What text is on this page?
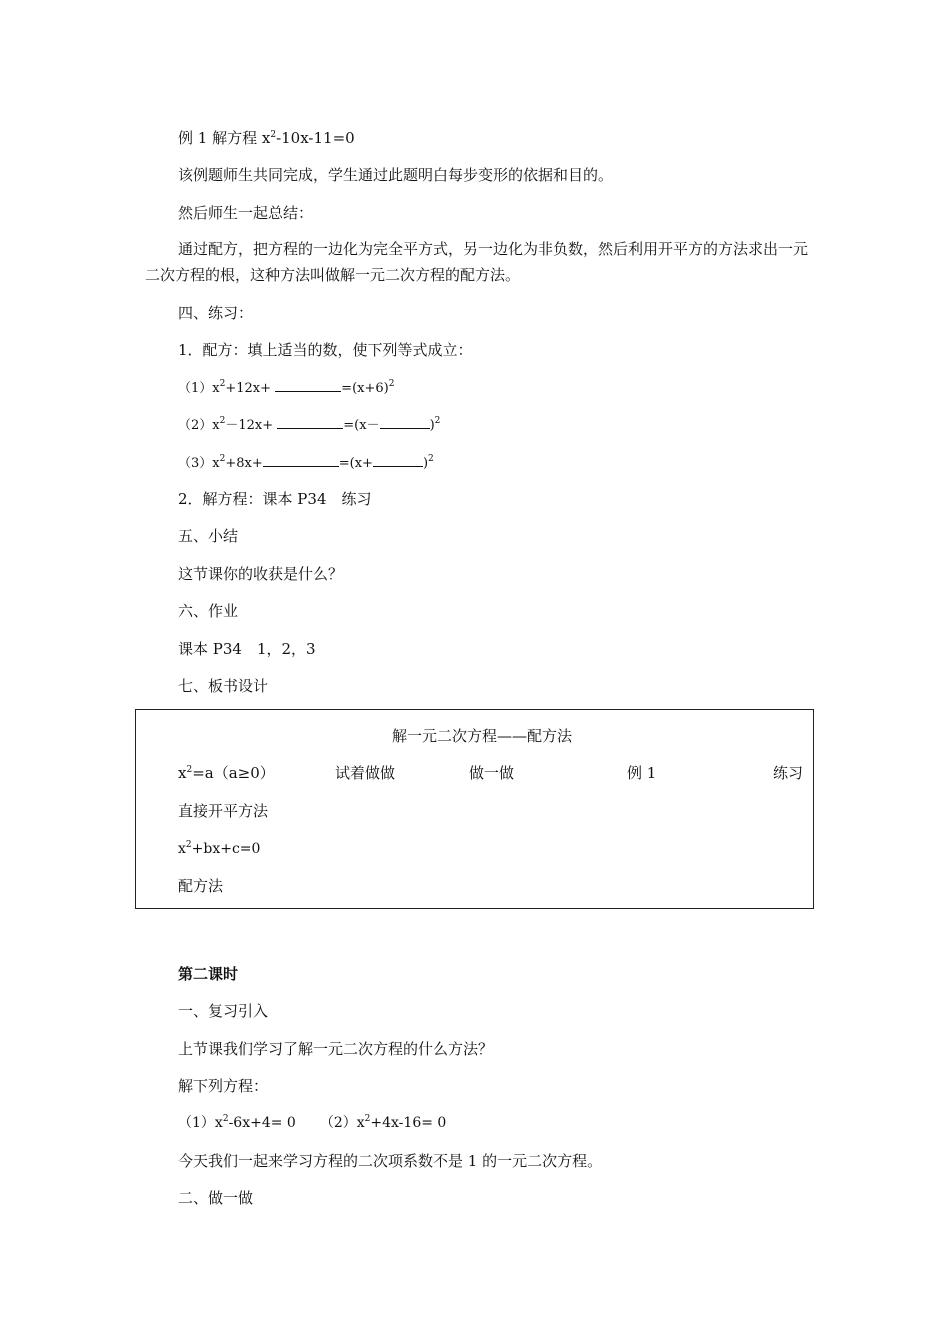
例 1 解方程 $x^2-10x-11=0$
该例题师生共同完成，学生通过此题明白每步变形的依据和目的。
然后师生一起总结：
通过配方，把方程的一边化为完全平方式，另一边化为非负数，然后利用开平方的方法求出一元二次方程的根，这种方法叫做解一元二次方程的配方法。
四、练习：
1．配方：填上适当的数，使下列等式成立：
$(1)x^2+12x+$	$=(x+6)^2$
$(2)x^2-12x+$	=(x－	)$^2$
$(3)x^2+8x+$	=(x+	)$^2$
2．解方程：课本 P34　练习
五、小结
这节课你的收获是什么？
六、作业
课本 P34　1，2，3
七、板书设计
解一元二次方程——配方法
$x^2=a(a\ge 0)$	试着做做	做一做	例 1	练习
直接开平方法
$x^2+bx+c=0$
配方法
第二课时
一、复习引入
上节课我们学习了解一元二次方程的什么方法？
解下列方程：
$(1)x^2-6x+4= 0$ $(2)x^2+4x-16= 0$
今天我们一起来学习方程的二次项系数不是 1 的一元二次方程。
二、做一做
